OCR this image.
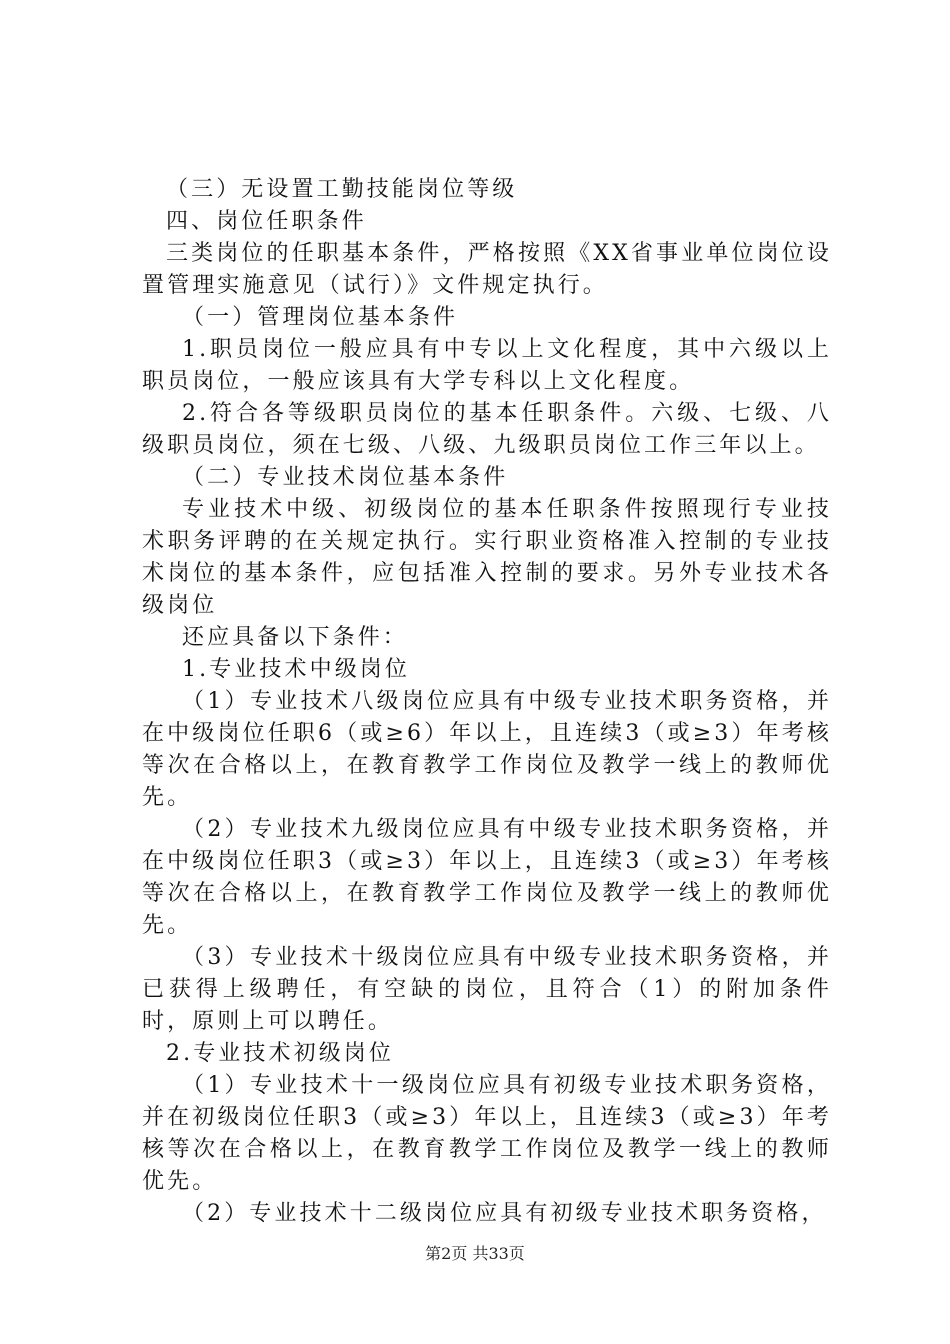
（三）无设置工勤技能岗位等级

四、岗位任职条件

三类岗位的任职基本条件，严格按照《XX省事业单位岗位设置管理实施意见（试行）》文件规定执行。

（一）管理岗位基本条件

1.职员岗位一般应具有中专以上文化程度，其中六级以上职员岗位，一般应该具有大学专科以上文化程度。

2.符合各等级职员岗位的基本任职条件。六级、七级、八级职员岗位，须在七级、八级、九级职员岗位工作三年以上。

（二）专业技术岗位基本条件

专业技术中级、初级岗位的基本任职条件按照现行专业技术职务评聘的在关规定执行。实行职业资格准入控制的专业技术岗位的基本条件，应包括准入控制的要求。另外专业技术各级岗位

还应具备以下条件：

1.专业技术中级岗位

（1）专业技术八级岗位应具有中级专业技术职务资格，并在中级岗位任职6（或≥6）年以上，且连续3（或≥3）年考核等次在合格以上，在教育教学工作岗位及教学一线上的教师优先。

（2）专业技术九级岗位应具有中级专业技术职务资格，并在中级岗位任职3（或≥3）年以上，且连续3（或≥3）年考核等次在合格以上，在教育教学工作岗位及教学一线上的教师优先。

（3）专业技术十级岗位应具有中级专业技术职务资格，并已获得上级聘任，有空缺的岗位，且符合（1）的附加条件时，原则上可以聘任。

2.专业技术初级岗位

（1）专业技术十一级岗位应具有初级专业技术职务资格，并在初级岗位任职3（或≥3）年以上，且连续3（或≥3）年考核等次在合格以上，在教育教学工作岗位及教学一线上的教师优先。

（2）专业技术十二级岗位应具有初级专业技术职务资格，

第2页 共33页
